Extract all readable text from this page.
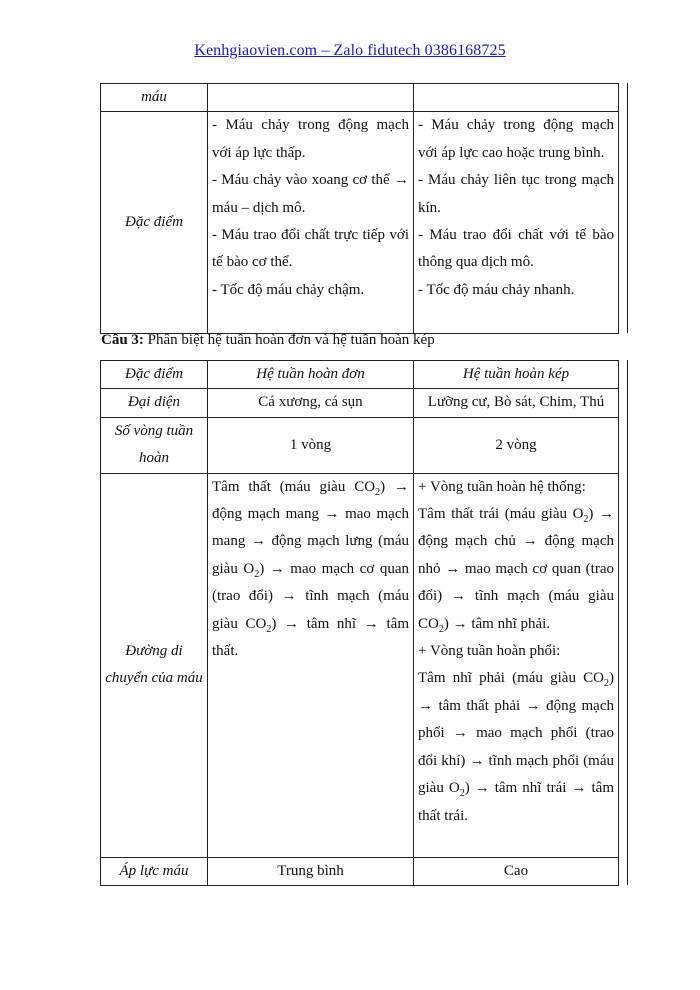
Kenhgiaovien.com – Zalo fidutech 0386168725
máu		
Đặc điểm	- Máu chảy trong động mạch với áp lực thấp.
- Máu chảy vào xoang cơ thể → máu – dịch mô.
- Máu trao đổi chất trực tiếp với tế bào cơ thể.
- Tốc độ máu chảy chậm.	- Máu chảy trong động mạch với áp lực cao hoặc trung bình.
- Máu chảy liên tục trong mạch kín.
- Máu trao đổi chất với tế bào thông qua dịch mô.
- Tốc độ máu chảy nhanh.
Câu 3: Phân biệt hệ tuần hoàn đơn và hệ tuần hoàn kép
Đặc điểm	Hệ tuần hoàn đơn	Hệ tuần hoàn kép
Đại diện	Cá xương, cá sụn	Lưỡng cư, Bò sát, Chim, Thú
Số vòng tuần hoàn	1 vòng	2 vòng
Đường di chuyển của máu	Tâm thất (máu giàu $CO_2$) → động mạch mang → mao mạch mang → động mạch lưng (máu giàu $O_2$) → mao mạch cơ quan (trao đổi) → tĩnh mạch (máu giàu $CO_2$) → tâm nhĩ → tâm thất.	+ Vòng tuần hoàn hệ thống:
Tâm thất trái (máu giàu $O_2$) → động mạch chủ → động mạch nhỏ → mao mạch cơ quan (trao đổi) → tĩnh mạch (máu giàu $CO_2$) → tâm nhĩ phải.
+ Vòng tuần hoàn phổi:
Tâm nhĩ phải (máu giàu $CO_2$) → tâm thất phải → động mạch phổi → mao mạch phổi (trao đổi khí) → tĩnh mạch phổi (máu giàu $O_2$) → tâm nhĩ trái → tâm thất trái.

Áp lực máu	Trung bình	Cao
